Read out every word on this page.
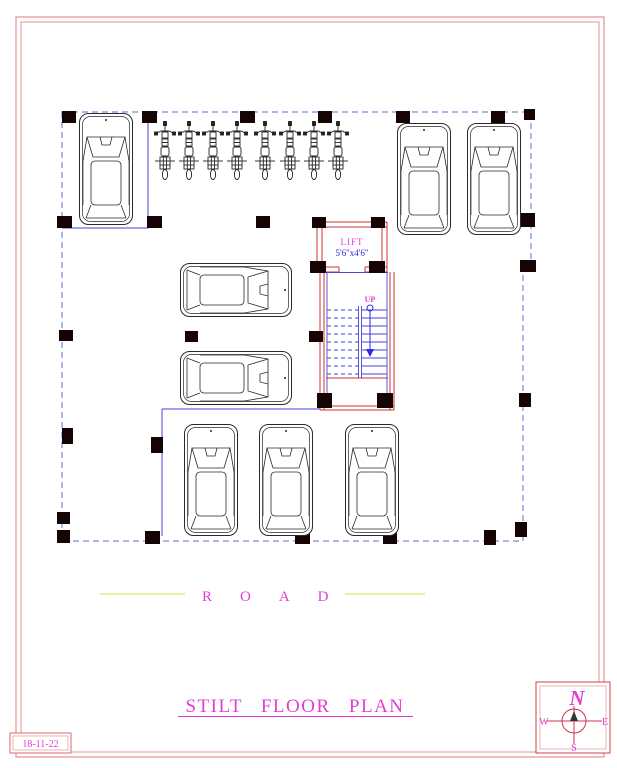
LIFT
5'6"x4'6"
UP
ROAD
STILT FLOOR PLAN
18-11-22
N
W	E
S
